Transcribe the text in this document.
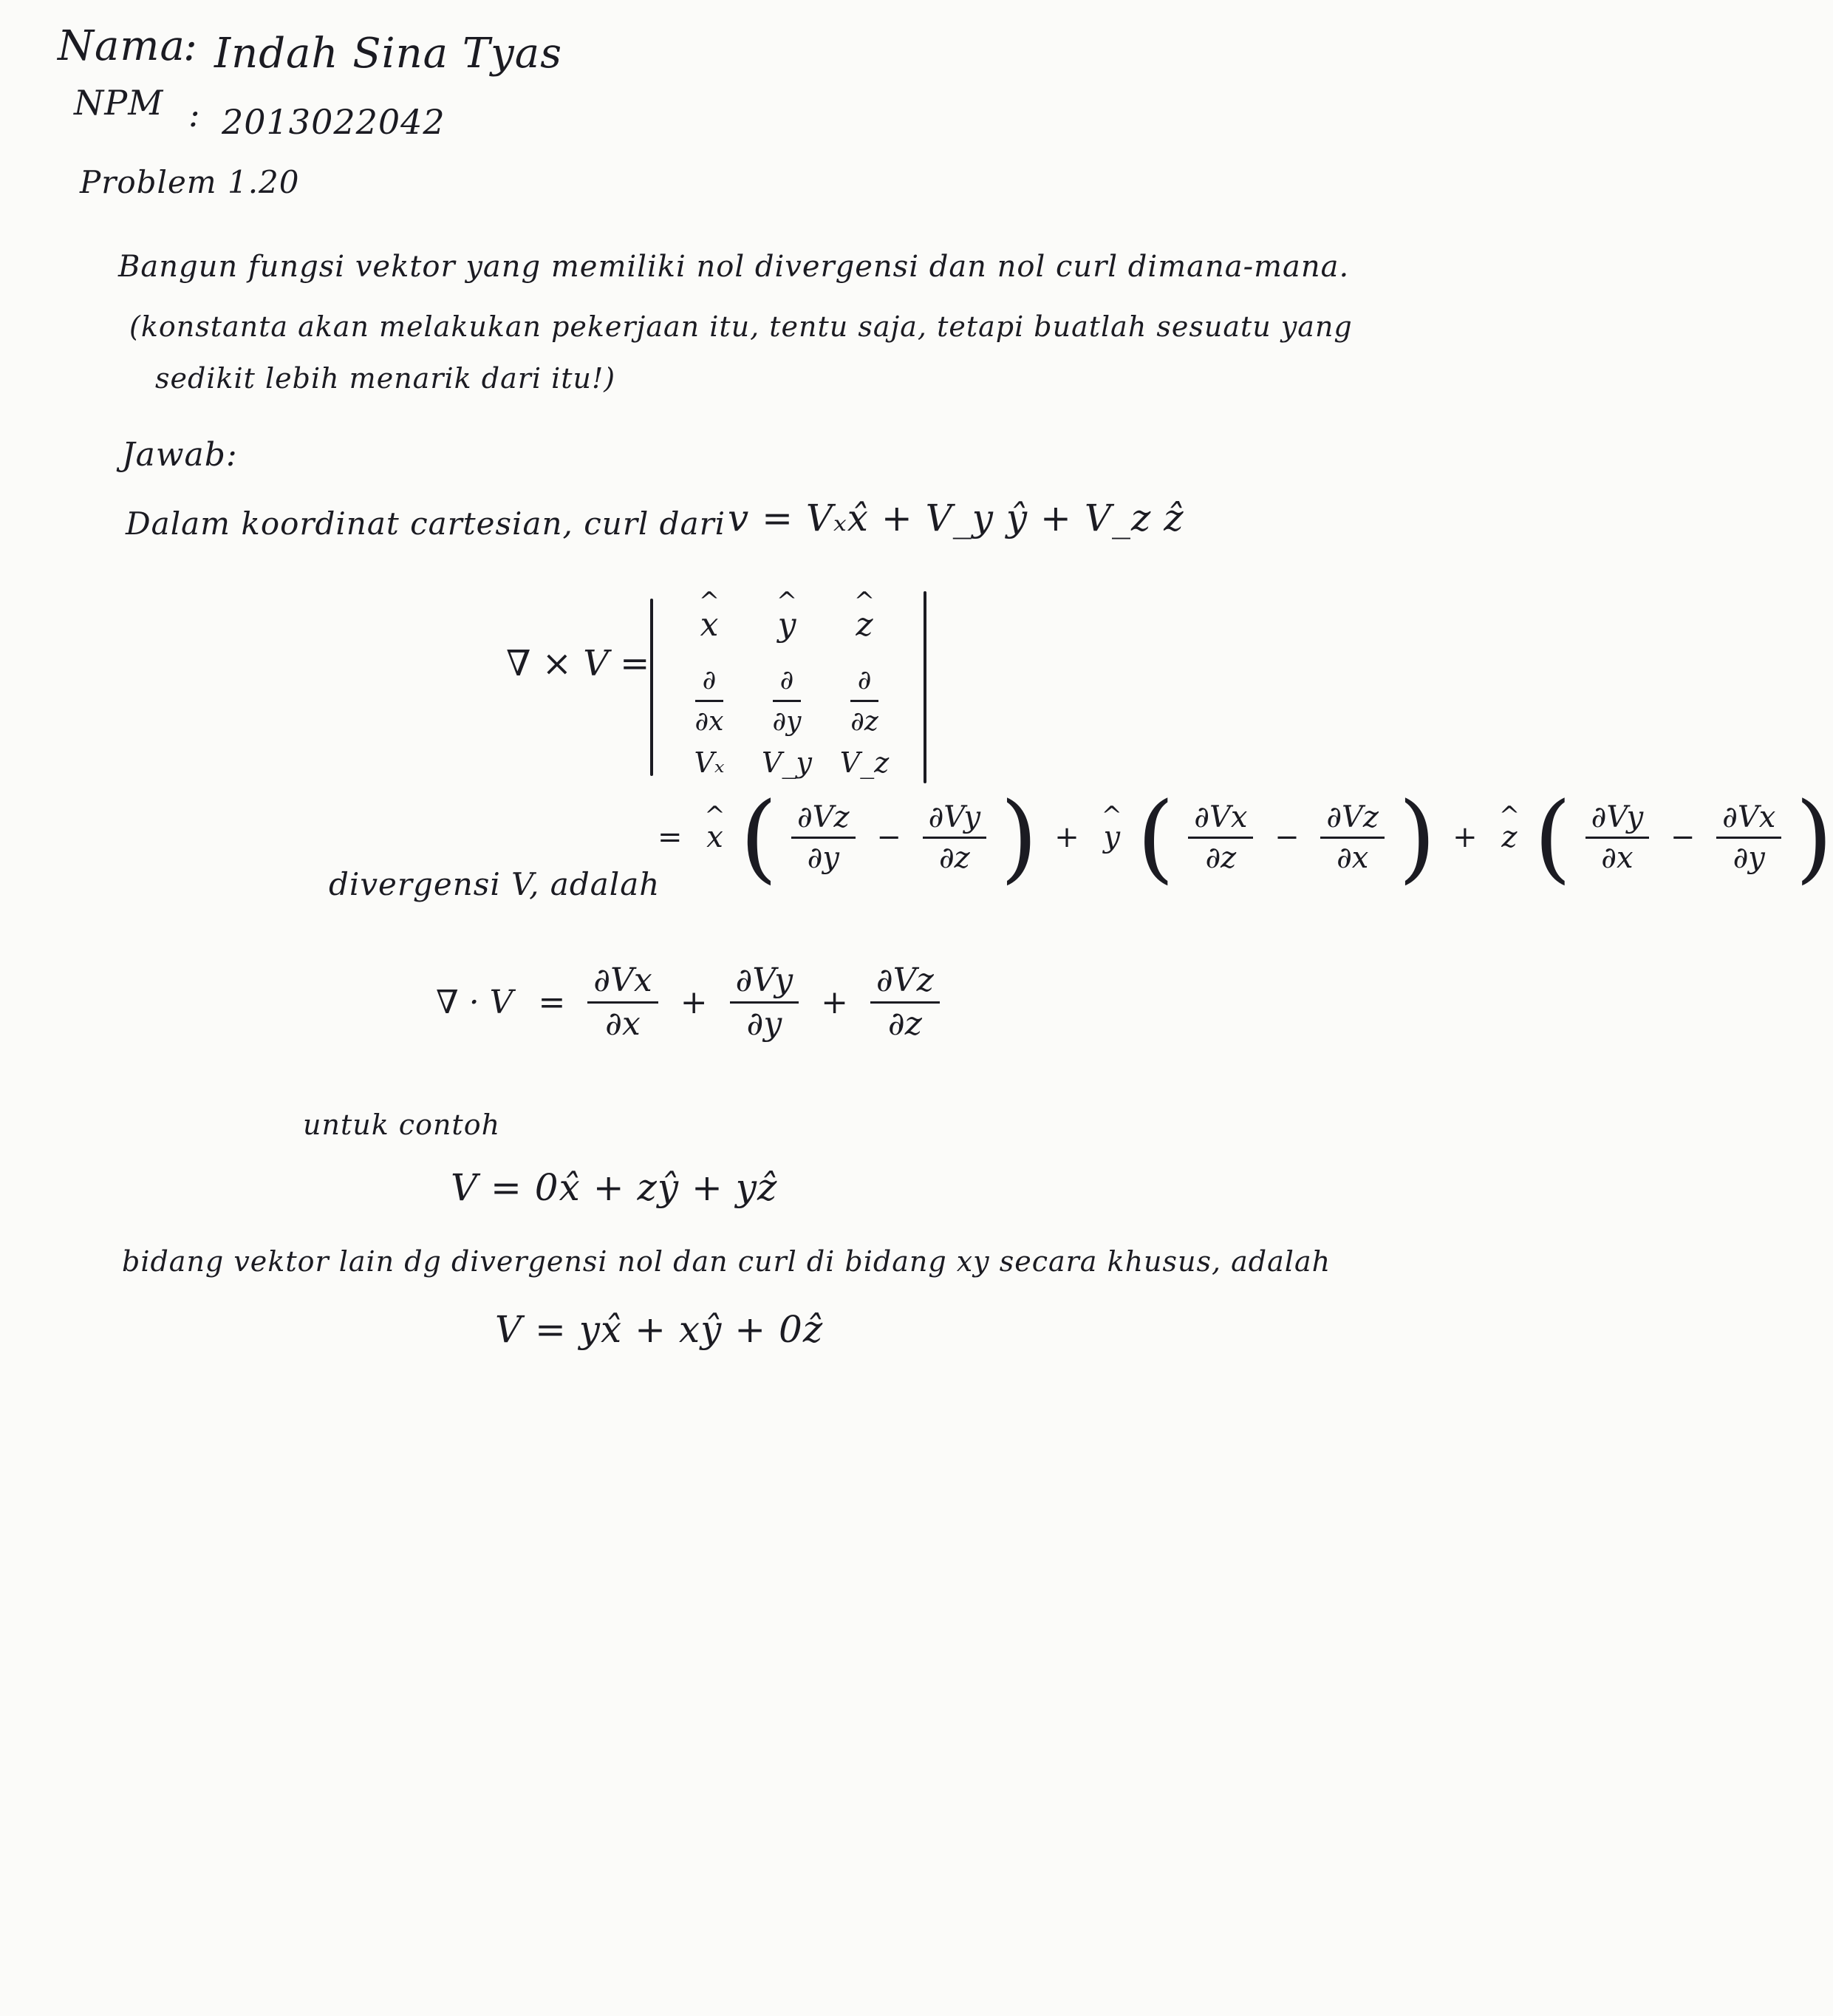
Nama
: Indah Sina Tyas
NPM : 2013022042
Problem 1.20
Bangun fungsi vektor yang memiliki nol divergensi dan nol curl dimana-mana.
(konstanta akan melakukan pekerjaan itu, tentu saja, tetapi buatlah sesuatu yang
sedikit lebih menarik dari itu!)
Jawab:
Dalam koordinat cartesian, curl dari v = Vₓx̂ + V_y ŷ + V_z ẑ
∇ × V =
^ x	^ y	^ z
$\frac{\partial}{\partial x} \frac{\partial}{\partial y} \frac{\partial}{\partial z}$
Vₓ	V_y V_z
= ^ x ( $\frac{\partial Vz}{\partial y} - \frac{\partial Vy}{\partial z}$ ) + ^ y ( $\frac{\partial Vx}{\partial z} - \frac{\partial Vz}{\partial x}$ ) + ^ z ( $\frac{\partial Vy}{\partial x} - \frac{\partial Vx}{\partial y}$ )
divergensi V, adalah
∇ · $V = \frac{\partial Vx}{\partial x} + \frac{\partial Vy}{\partial y} + \frac{\partial Vz}{\partial z}$
untuk contoh
V = 0x̂ + zŷ + yẑ
bidang vektor lain dg divergensi nol dan curl di bidang xy secara khusus, adalah
V = yx̂ + xŷ + 0ẑ
